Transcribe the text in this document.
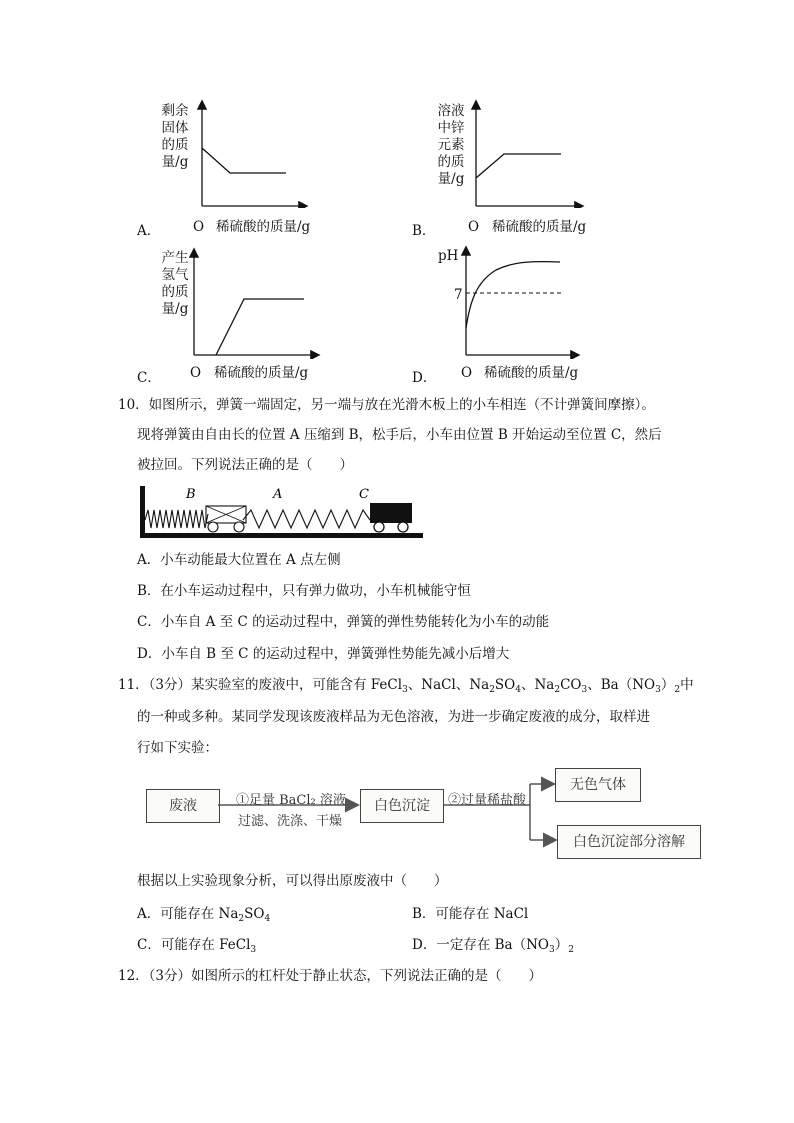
剩余
固体
的质
量/g
A． O 稀硫酸的质量/g
溶液
中锌
元素
的质
量/g
B． O 稀硫酸的质量/g
产生
氢气
的质
量/g
C． O 稀硫酸的质量/g
pH
7
D． O 稀硫酸的质量/g
10．如图所示，弹簧一端固定，另一端与放在光滑木板上的小车相连（不计弹簧间摩擦）。
现将弹簧由自由长的位置 A 压缩到 B，松手后，小车由位置 B 开始运动至位置 C，然后
被拉回。下列说法正确的是（　　）
B	A	C
A．小车动能最大位置在 A 点左侧
B．在小车运动过程中，只有弹力做功，小车机械能守恒
C．小车自 A 至 C 的运动过程中，弹簧的弹性势能转化为小车的动能
D．小车自 B 至 C 的运动过程中，弹簧弹性势能先减小后增大
11．（3分）某实验室的废液中，可能含有 FeCl$_3$、NaCl、$Na_2SO_4$、$Na_2CO_3$、$Ba(NO_3)_2$中
的一种或多种。某同学发现该废液样品为无色溶液，为进一步确定废液的成分，取样进
行如下实验：
废液	白色沉淀
无色气体
白色沉淀部分溶解
①足量 BaCl₂ 溶液
过滤、洗涤、干燥
②过量稀盐酸
根据以上实验现象分析，可以得出原废液中（　　）
A．可能存在 $Na_2SO_4$	B．可能存在 NaCl
C．可能存在 FeCl$_3$	D．一定存在 $Ba(NO_3)_2$
12．（3分）如图所示的杠杆处于静止状态，下列说法正确的是（　　）
